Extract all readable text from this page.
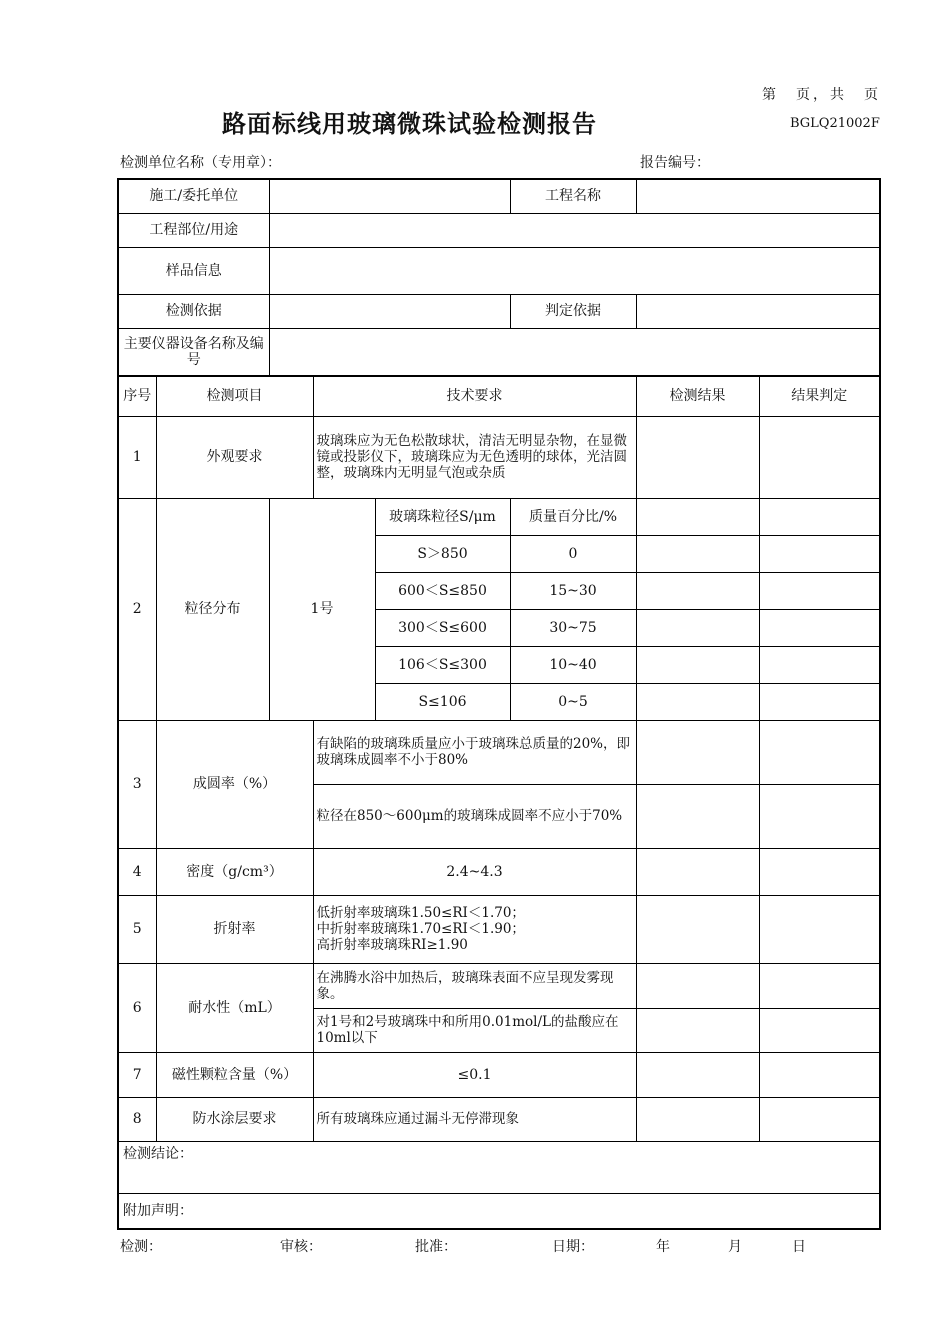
第　页，共　页
路面标线用玻璃微珠试验检测报告	BGLQ21002F
检测单位名称（专用章）：	报告编号：
施工/委托单位					工程名称		
工程部位/用途							
样品信息							
检测依据					判定依据		
主要仪器设备名称及编号							
序号	检测项目		技术要求			检测结果	结果判定
1	外观要求		玻璃珠应为无色松散球状，清洁无明显杂物，在显微镜或投影仪下，玻璃珠应为无色透明的球体，光洁圆整，玻璃珠内无明显气泡或杂质				
2	粒径分布	1号		玻璃珠粒径S/μm	质量百分比/%		
				S＞850	0		
				600＜S≤850	15~30		
				300＜S≤600	30~75		
				106＜S≤300	10~40		
				S≤106	0~5		
3	成圆率（%）		有缺陷的玻璃珠质量应小于玻璃珠总质量的20%，即玻璃珠成圆率不小于80%				
			粒径在850～600μm的玻璃珠成圆率不应小于70%				
4	密度（g/cm³）		2.4~4.3				
5	折射率		低折射率玻璃珠1.50≤RI＜1.70；
中折射率玻璃珠1.70≤RI＜1.90；
高折射率玻璃珠RI≥1.90				

6	耐水性（mL）		在沸腾水浴中加热后，玻璃珠表面不应呈现发雾现象。				
			对1号和2号玻璃珠中和所用0.01mol/L的盐酸应在10ml以下				
7	磁性颗粒含量（%）		≤0.1				
8	防水涂层要求		所有玻璃珠应通过漏斗无停滞现象				
检测结论：							
附加声明：							
检测：	审核：	批准：	日期：	年	月	日
